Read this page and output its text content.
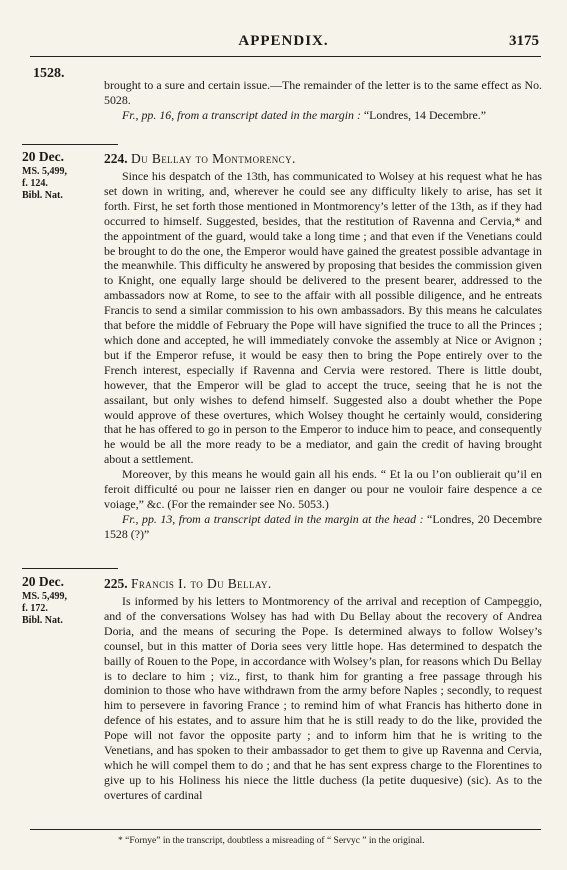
APPENDIX.	3175
1528.

brought to a sure and certain issue.—The remainder of the letter is to the same effect as No. 5028.

Fr., pp. 16, from a transcript dated in the margin : “Londres, 14 Decembre.”

20 Dec.
MS. 5,499,
f. 124.
Bibl. Nat.
224. Du Bellay to Montmorency.

Since his despatch of the 13th, has communicated to Wolsey at his request what he has set down in writing, and, wherever he could see any difficulty likely to arise, has set it forth. First, he set forth those mentioned in Montmorency’s letter of the 13th, as if they had occurred to himself. Suggested, besides, that the restitution of Ravenna and Cervia,* and the appointment of the guard, would take a long time ; and that even if the Venetians could be brought to do the one, the Emperor would have gained the greatest possible advantage in the meanwhile. This difficulty he answered by proposing that besides the commission given to Knight, one equally large should be delivered to the present bearer, addressed to the ambassadors now at Rome, to see to the affair with all possible diligence, and he entreats Francis to send a similar commission to his own ambassadors. By this means he calculates that before the middle of February the Pope will have signified the truce to all the Princes ; which done and accepted, he will immediately convoke the assembly at Nice or Avignon ; but if the Emperor refuse, it would be easy then to bring the Pope entirely over to the French interest, especially if Ravenna and Cervia were restored. There is little doubt, however, that the Emperor will be glad to accept the truce, seeing that he is not the assailant, but only wishes to defend himself. Suggested also a doubt whether the Pope would approve of these overtures, which Wolsey thought he certainly would, considering that he has offered to go in person to the Emperor to induce him to peace, and consequently he would be all the more ready to be a mediator, and gain the credit of having brought about a settlement.

Moreover, by this means he would gain all his ends. “ Et la ou l’on oublierait qu’il en feroit difficulté ou pour ne laisser rien en danger ou pour ne vouloir faire despence a ce voiage,” &c. (For the remainder see No. 5053.)

Fr., pp. 13, from a transcript dated in the margin at the head : “Londres, 20 Decembre 1528 (?)”

20 Dec.
MS. 5,499,
f. 172.
Bibl. Nat.
225. Francis I. to Du Bellay.

Is informed by his letters to Montmorency of the arrival and reception of Campeggio, and of the conversations Wolsey has had with Du Bellay about the recovery of Andrea Doria, and the means of securing the Pope. Is determined always to follow Wolsey’s counsel, but in this matter of Doria sees very little hope. Has determined to despatch the bailly of Rouen to the Pope, in accordance with Wolsey’s plan, for reasons which Du Bellay is to declare to him ; viz., first, to thank him for granting a free passage through his dominion to those who have withdrawn from the army before Naples ; secondly, to request him to persevere in favoring France ; to remind him of what Francis has hitherto done in defence of his estates, and to assure him that he is still ready to do the like, provided the Pope will not favor the opposite party ; and to inform him that he is writing to the Venetians, and has spoken to their ambassador to get them to give up Ravenna and Cervia, which he will compel them to do ; and that he has sent express charge to the Florentines to give up to his Holiness his niece the little duchess (la petite duquesive) (sic). As to the overtures of cardinal

* “Fornye” in the transcript, doubtless a misreading of “ Servyc ” in the original.
